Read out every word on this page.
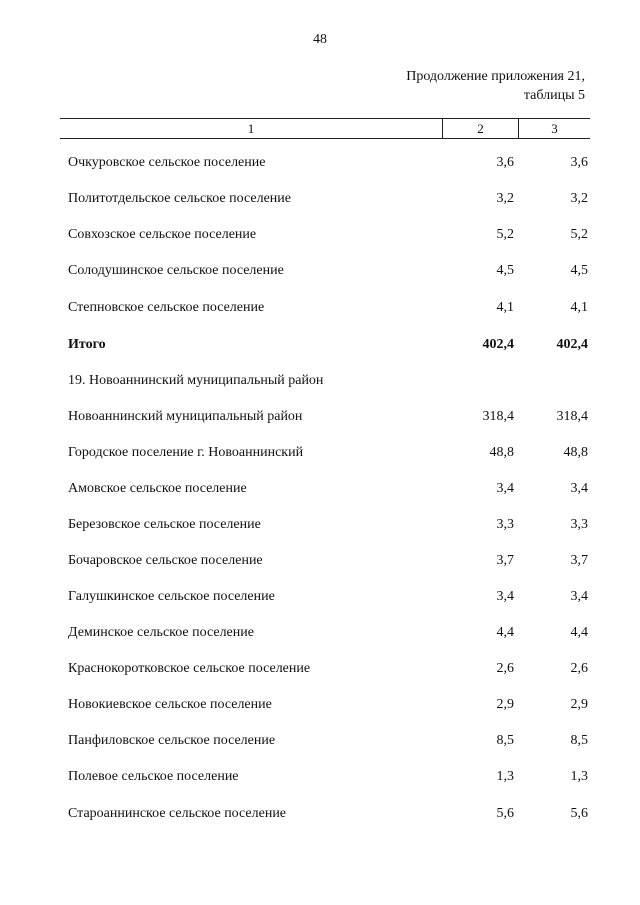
48
Продолжение приложения 21,
таблицы 5
1	2	3
Очкуровское сельское поселение	3,6	3,6
Политотдельское сельское поселение	3,2	3,2
Совхозское сельское поселение	5,2	5,2
Солодушинское сельское поселение	4,5	4,5
Степновское сельское поселение	4,1	4,1
Итого	402,4	402,4
19. Новоаннинский муниципальный район
Новоаннинский муниципальный район	318,4	318,4
Городское поселение г. Новоаннинский	48,8	48,8
Амовское сельское поселение	3,4	3,4
Березовское сельское поселение	3,3	3,3
Бочаровское сельское поселение	3,7	3,7
Галушкинское сельское поселение	3,4	3,4
Деминское сельское поселение	4,4	4,4
Краснокоротковское сельское поселение	2,6	2,6
Новокиевское сельское поселение	2,9	2,9
Панфиловское сельское поселение	8,5	8,5
Полевое сельское поселение	1,3	1,3
Староаннинское сельское поселение	5,6	5,6
